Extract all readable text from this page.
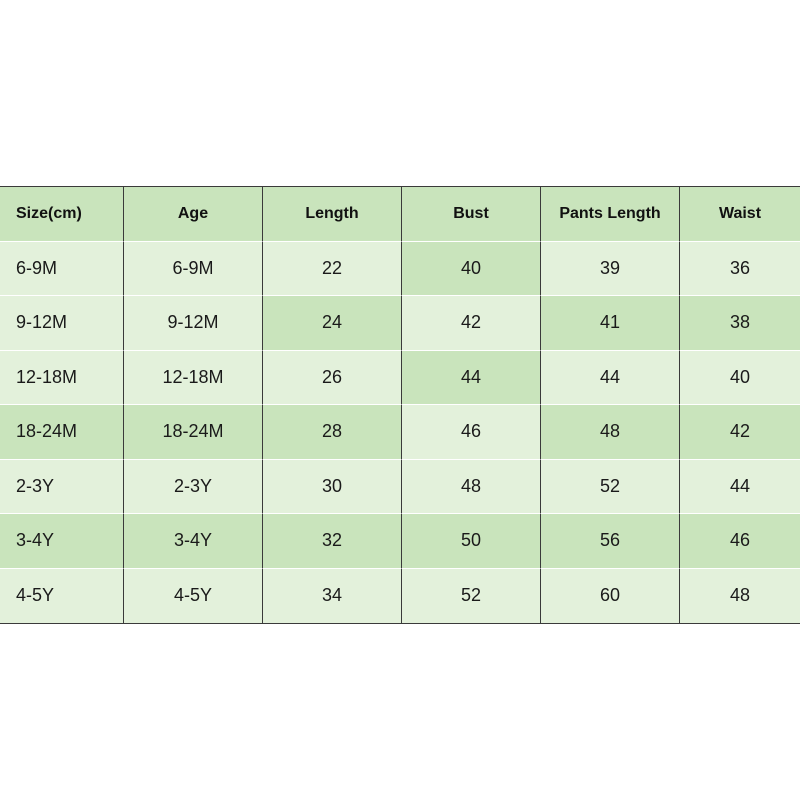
Size(cm)	Age	Length	Bust	Pants Length	Waist
6-9M	6-9M	22	40	39	36
9-12M	9-12M	24	42	41	38
12-18M	12-18M	26	44	44	40
18-24M	18-24M	28	46	48	42
2-3Y	2-3Y	30	48	52	44
3-4Y	3-4Y	32	50	56	46
4-5Y	4-5Y	34	52	60	48
